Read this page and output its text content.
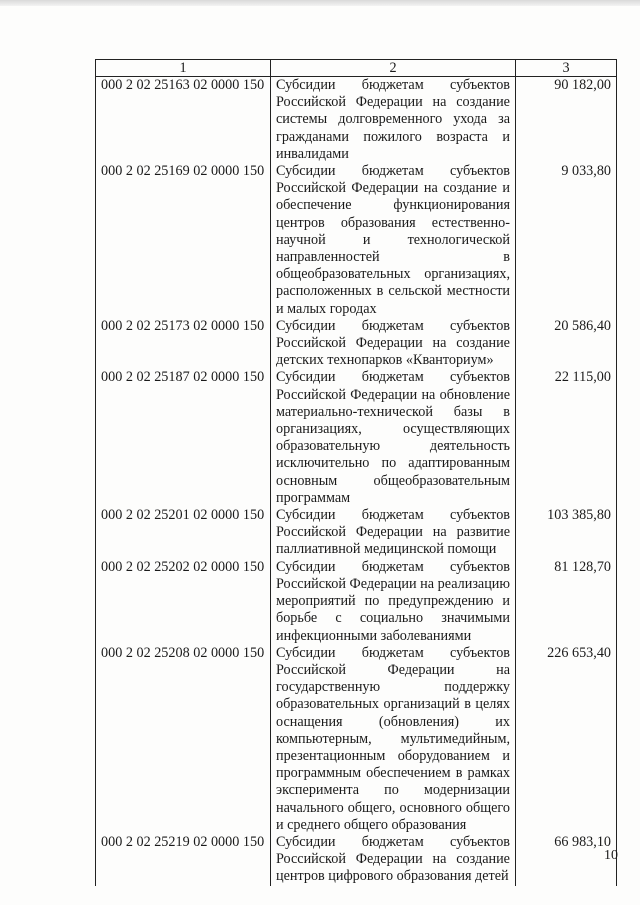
1	2	3
000 2 02 25163 02 0000 150	Субсидии бюджетам субъектов Российской Федерации на создание системы долговременного ухода за гражданами пожилого возраста и инвалидами	90 182,00
000 2 02 25169 02 0000 150	Субсидии бюджетам субъектов Российской Федерации на создание и обеспечение функционирования центров образования естественно-научной и технологической направленностей в общеобразовательных организациях, расположенных в сельской местности и малых городах	9 033,80
000 2 02 25173 02 0000 150	Субсидии бюджетам субъектов Российской Федерации на создание детских технопарков «Кванториум»	20 586,40
000 2 02 25187 02 0000 150	Субсидии бюджетам субъектов Российской Федерации на обновление материально-технической базы в организациях, осуществляющих образовательную деятельность исключительно по адаптированным основным общеобразовательным программам	22 115,00
000 2 02 25201 02 0000 150	Субсидии бюджетам субъектов Российской Федерации на развитие паллиативной медицинской помощи	103 385,80
000 2 02 25202 02 0000 150	Субсидии бюджетам субъектов Российской Федерации на реализацию мероприятий по предупреждению и борьбе с социально значимыми инфекционными заболеваниями	81 128,70
000 2 02 25208 02 0000 150	Субсидии бюджетам субъектов Российской Федерации на государственную поддержку образовательных организаций в целях оснащения (обновления) их компьютерным, мультимедийным, презентационным оборудованием и программным обеспечением в рамках эксперимента по модернизации начального общего, основного общего и среднего общего образования	226 653,40
000 2 02 25219 02 0000 150	Субсидии бюджетам субъектов Российской Федерации на создание центров цифрового образования детей	66 983,10
10
